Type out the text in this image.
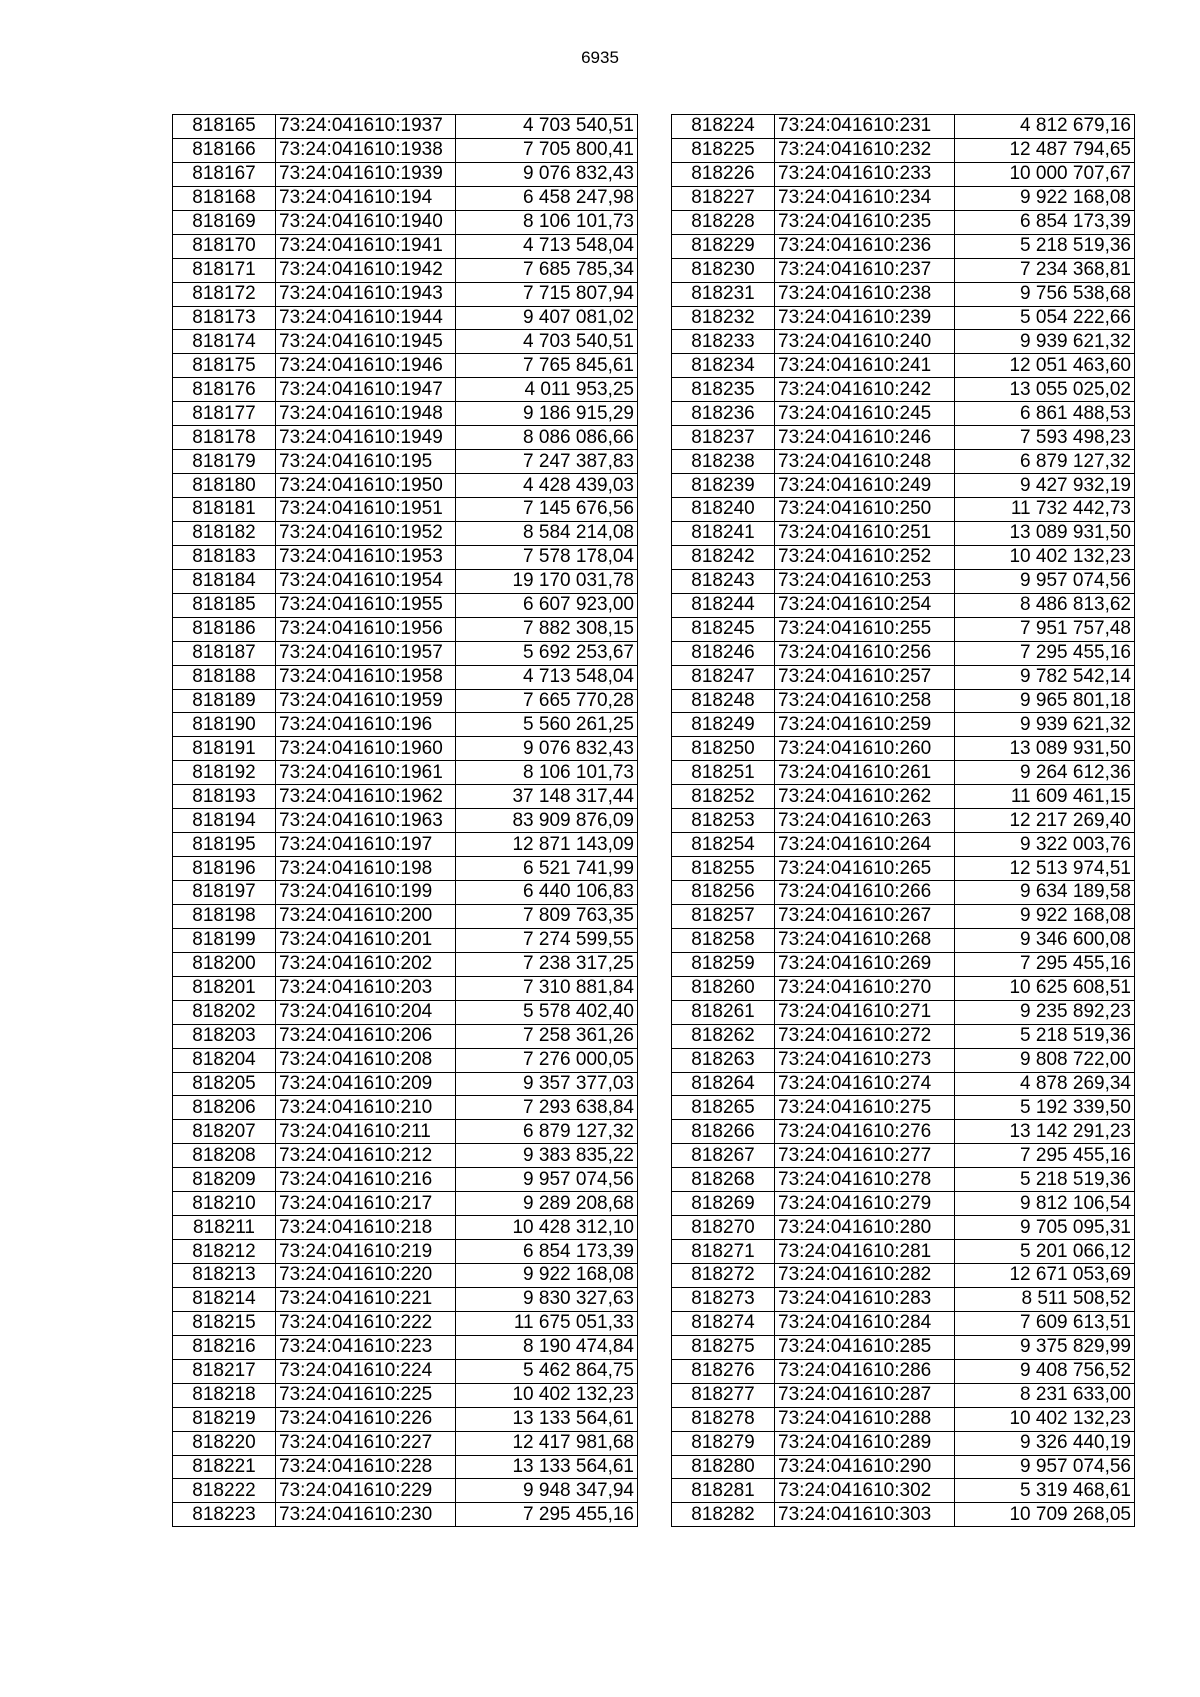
6935
818165	73:24:041610:1937	4 703 540,51
818166	73:24:041610:1938	7 705 800,41
818167	73:24:041610:1939	9 076 832,43
818168	73:24:041610:194	6 458 247,98
818169	73:24:041610:1940	8 106 101,73
818170	73:24:041610:1941	4 713 548,04
818171	73:24:041610:1942	7 685 785,34
818172	73:24:041610:1943	7 715 807,94
818173	73:24:041610:1944	9 407 081,02
818174	73:24:041610:1945	4 703 540,51
818175	73:24:041610:1946	7 765 845,61
818176	73:24:041610:1947	4 011 953,25
818177	73:24:041610:1948	9 186 915,29
818178	73:24:041610:1949	8 086 086,66
818179	73:24:041610:195	7 247 387,83
818180	73:24:041610:1950	4 428 439,03
818181	73:24:041610:1951	7 145 676,56
818182	73:24:041610:1952	8 584 214,08
818183	73:24:041610:1953	7 578 178,04
818184	73:24:041610:1954	19 170 031,78
818185	73:24:041610:1955	6 607 923,00
818186	73:24:041610:1956	7 882 308,15
818187	73:24:041610:1957	5 692 253,67
818188	73:24:041610:1958	4 713 548,04
818189	73:24:041610:1959	7 665 770,28
818190	73:24:041610:196	5 560 261,25
818191	73:24:041610:1960	9 076 832,43
818192	73:24:041610:1961	8 106 101,73
818193	73:24:041610:1962	37 148 317,44
818194	73:24:041610:1963	83 909 876,09
818195	73:24:041610:197	12 871 143,09
818196	73:24:041610:198	6 521 741,99
818197	73:24:041610:199	6 440 106,83
818198	73:24:041610:200	7 809 763,35
818199	73:24:041610:201	7 274 599,55
818200	73:24:041610:202	7 238 317,25
818201	73:24:041610:203	7 310 881,84
818202	73:24:041610:204	5 578 402,40
818203	73:24:041610:206	7 258 361,26
818204	73:24:041610:208	7 276 000,05
818205	73:24:041610:209	9 357 377,03
818206	73:24:041610:210	7 293 638,84
818207	73:24:041610:211	6 879 127,32
818208	73:24:041610:212	9 383 835,22
818209	73:24:041610:216	9 957 074,56
818210	73:24:041610:217	9 289 208,68
818211	73:24:041610:218	10 428 312,10
818212	73:24:041610:219	6 854 173,39
818213	73:24:041610:220	9 922 168,08
818214	73:24:041610:221	9 830 327,63
818215	73:24:041610:222	11 675 051,33
818216	73:24:041610:223	8 190 474,84
818217	73:24:041610:224	5 462 864,75
818218	73:24:041610:225	10 402 132,23
818219	73:24:041610:226	13 133 564,61
818220	73:24:041610:227	12 417 981,68
818221	73:24:041610:228	13 133 564,61
818222	73:24:041610:229	9 948 347,94
818223	73:24:041610:230	7 295 455,16
818224	73:24:041610:231	4 812 679,16
818225	73:24:041610:232	12 487 794,65
818226	73:24:041610:233	10 000 707,67
818227	73:24:041610:234	9 922 168,08
818228	73:24:041610:235	6 854 173,39
818229	73:24:041610:236	5 218 519,36
818230	73:24:041610:237	7 234 368,81
818231	73:24:041610:238	9 756 538,68
818232	73:24:041610:239	5 054 222,66
818233	73:24:041610:240	9 939 621,32
818234	73:24:041610:241	12 051 463,60
818235	73:24:041610:242	13 055 025,02
818236	73:24:041610:245	6 861 488,53
818237	73:24:041610:246	7 593 498,23
818238	73:24:041610:248	6 879 127,32
818239	73:24:041610:249	9 427 932,19
818240	73:24:041610:250	11 732 442,73
818241	73:24:041610:251	13 089 931,50
818242	73:24:041610:252	10 402 132,23
818243	73:24:041610:253	9 957 074,56
818244	73:24:041610:254	8 486 813,62
818245	73:24:041610:255	7 951 757,48
818246	73:24:041610:256	7 295 455,16
818247	73:24:041610:257	9 782 542,14
818248	73:24:041610:258	9 965 801,18
818249	73:24:041610:259	9 939 621,32
818250	73:24:041610:260	13 089 931,50
818251	73:24:041610:261	9 264 612,36
818252	73:24:041610:262	11 609 461,15
818253	73:24:041610:263	12 217 269,40
818254	73:24:041610:264	9 322 003,76
818255	73:24:041610:265	12 513 974,51
818256	73:24:041610:266	9 634 189,58
818257	73:24:041610:267	9 922 168,08
818258	73:24:041610:268	9 346 600,08
818259	73:24:041610:269	7 295 455,16
818260	73:24:041610:270	10 625 608,51
818261	73:24:041610:271	9 235 892,23
818262	73:24:041610:272	5 218 519,36
818263	73:24:041610:273	9 808 722,00
818264	73:24:041610:274	4 878 269,34
818265	73:24:041610:275	5 192 339,50
818266	73:24:041610:276	13 142 291,23
818267	73:24:041610:277	7 295 455,16
818268	73:24:041610:278	5 218 519,36
818269	73:24:041610:279	9 812 106,54
818270	73:24:041610:280	9 705 095,31
818271	73:24:041610:281	5 201 066,12
818272	73:24:041610:282	12 671 053,69
818273	73:24:041610:283	8 511 508,52
818274	73:24:041610:284	7 609 613,51
818275	73:24:041610:285	9 375 829,99
818276	73:24:041610:286	9 408 756,52
818277	73:24:041610:287	8 231 633,00
818278	73:24:041610:288	10 402 132,23
818279	73:24:041610:289	9 326 440,19
818280	73:24:041610:290	9 957 074,56
818281	73:24:041610:302	5 319 468,61
818282	73:24:041610:303	10 709 268,05
